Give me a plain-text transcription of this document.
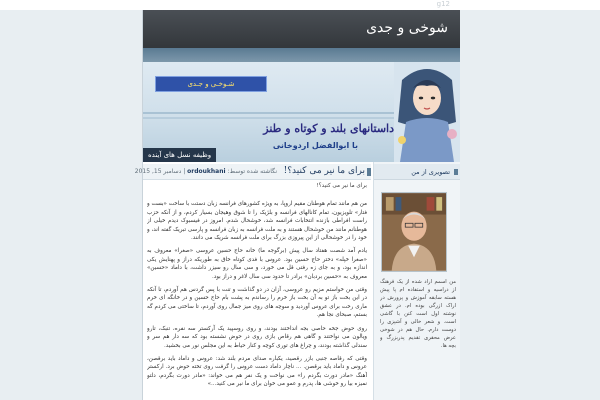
g12
شوخی و جدی
شـوخـی و جـدی
داستانهای بلند و کوتاه و طنز
با ابوالفضل اردوخانی
وظیفه نسل های آینده
برای ما نیر می کنید؟!
نگاشته شده توسط: ordoukhani | دسامبر 15, 2015

برای ما نیر می کنید؟!

من هم مانند تمام هوطنان مقیم اروپا، به ویژه کشورهای فرانسه زبان دستت با ساخت «بست و فتار» تلویزیون، تمام کانالهای فرانسه و بلژیک را تا شوق وهیجان بسیار کردم، و از آنکه حزب راست افراطی بازنده انتخابات فرانسه شد، خوشحال شدم. امروز در فیسبوک دیدم خیلی از هوطنانم مانند من خوشحال هستند و به ملت فرانسه به زبان فرانسه و پارسی تبریک گفته اند، و خود را در خوشحالی از این پیروزی بزرگ برای ملت فرانسه شریک می دانند.

یادم آمد شصت هفتاد سال پیش (برگوجه ما) خانه حاج حسین عروسی «صغرا» معروف به «صغرا خپله» دختر حاج حسین بود. عروس با فدی کوتاه خاق به طوریکه دراز و پهنایش یکی اندازه بود، و به جای زه رفتی قل می خورد، و سی سال رو سیزر داشت، با داماد «حسین» معروف به «حسین بردبان» برادر تا حدود سی سال لاغر و دراز بود.

وقتی من خواستم مزیم رو عروسی، آزان در دو گذاشت و تنت با پس گردس هم آوردم، تا آنکه در این بخت باز تو به آن بخت باز خرم را رساندم به پشت بام حاج حسین و در خانگه ای خرم ماری رخت برای عروس آوردید و سوچه های روی میز جمال روی آوردم، تا ساختی می کردم گه بستم، صبحای نجا هم.

روی حوض جخه حاصی بجه انداختند بودند، و روی روسپید یک آرکستر سه نفره، تنبک، تارو ویالون می نواختند و گاهی هم رقاص بازی روی در حوض نشسته بود که سه دار هم سر و سندلی گذاشته بودند، و چراغ های توری کوچه و کنار حیاط به این مجلس نور می بخشید.

وقتی که رقاصه جنبی بازر رقصید، یکباره صدای مردم بلند شد: عروس و داماد باید برقصن، عروس و داماد باید برقصن. ... ناچار داماد دست عروس را گرفت روی تخته حوض برد. ارکستر آهنگ «مادر دورت بگردم را» می نواخت و یک نفر هم می خواند: «مادر دورت بگردم، دلتو نمیزه بیا رو خوشی ها، پدرم و عمو می خوان برای ما نیر می کنید...»

تصویری از من
من اسمم اراد شده از یک فرهنگ از دراسیه و استفاده ام پا پیش هسته سابقه آموزش و پرورش در اراک ازرگی بوده ام. در عشق نوشته اول است کنن با گاشی است. و شعر خالی و آشپزی را دوست دارم. حال هم در شوخی عرض محقری تقدیم پدربزرگ و بچه ها.
